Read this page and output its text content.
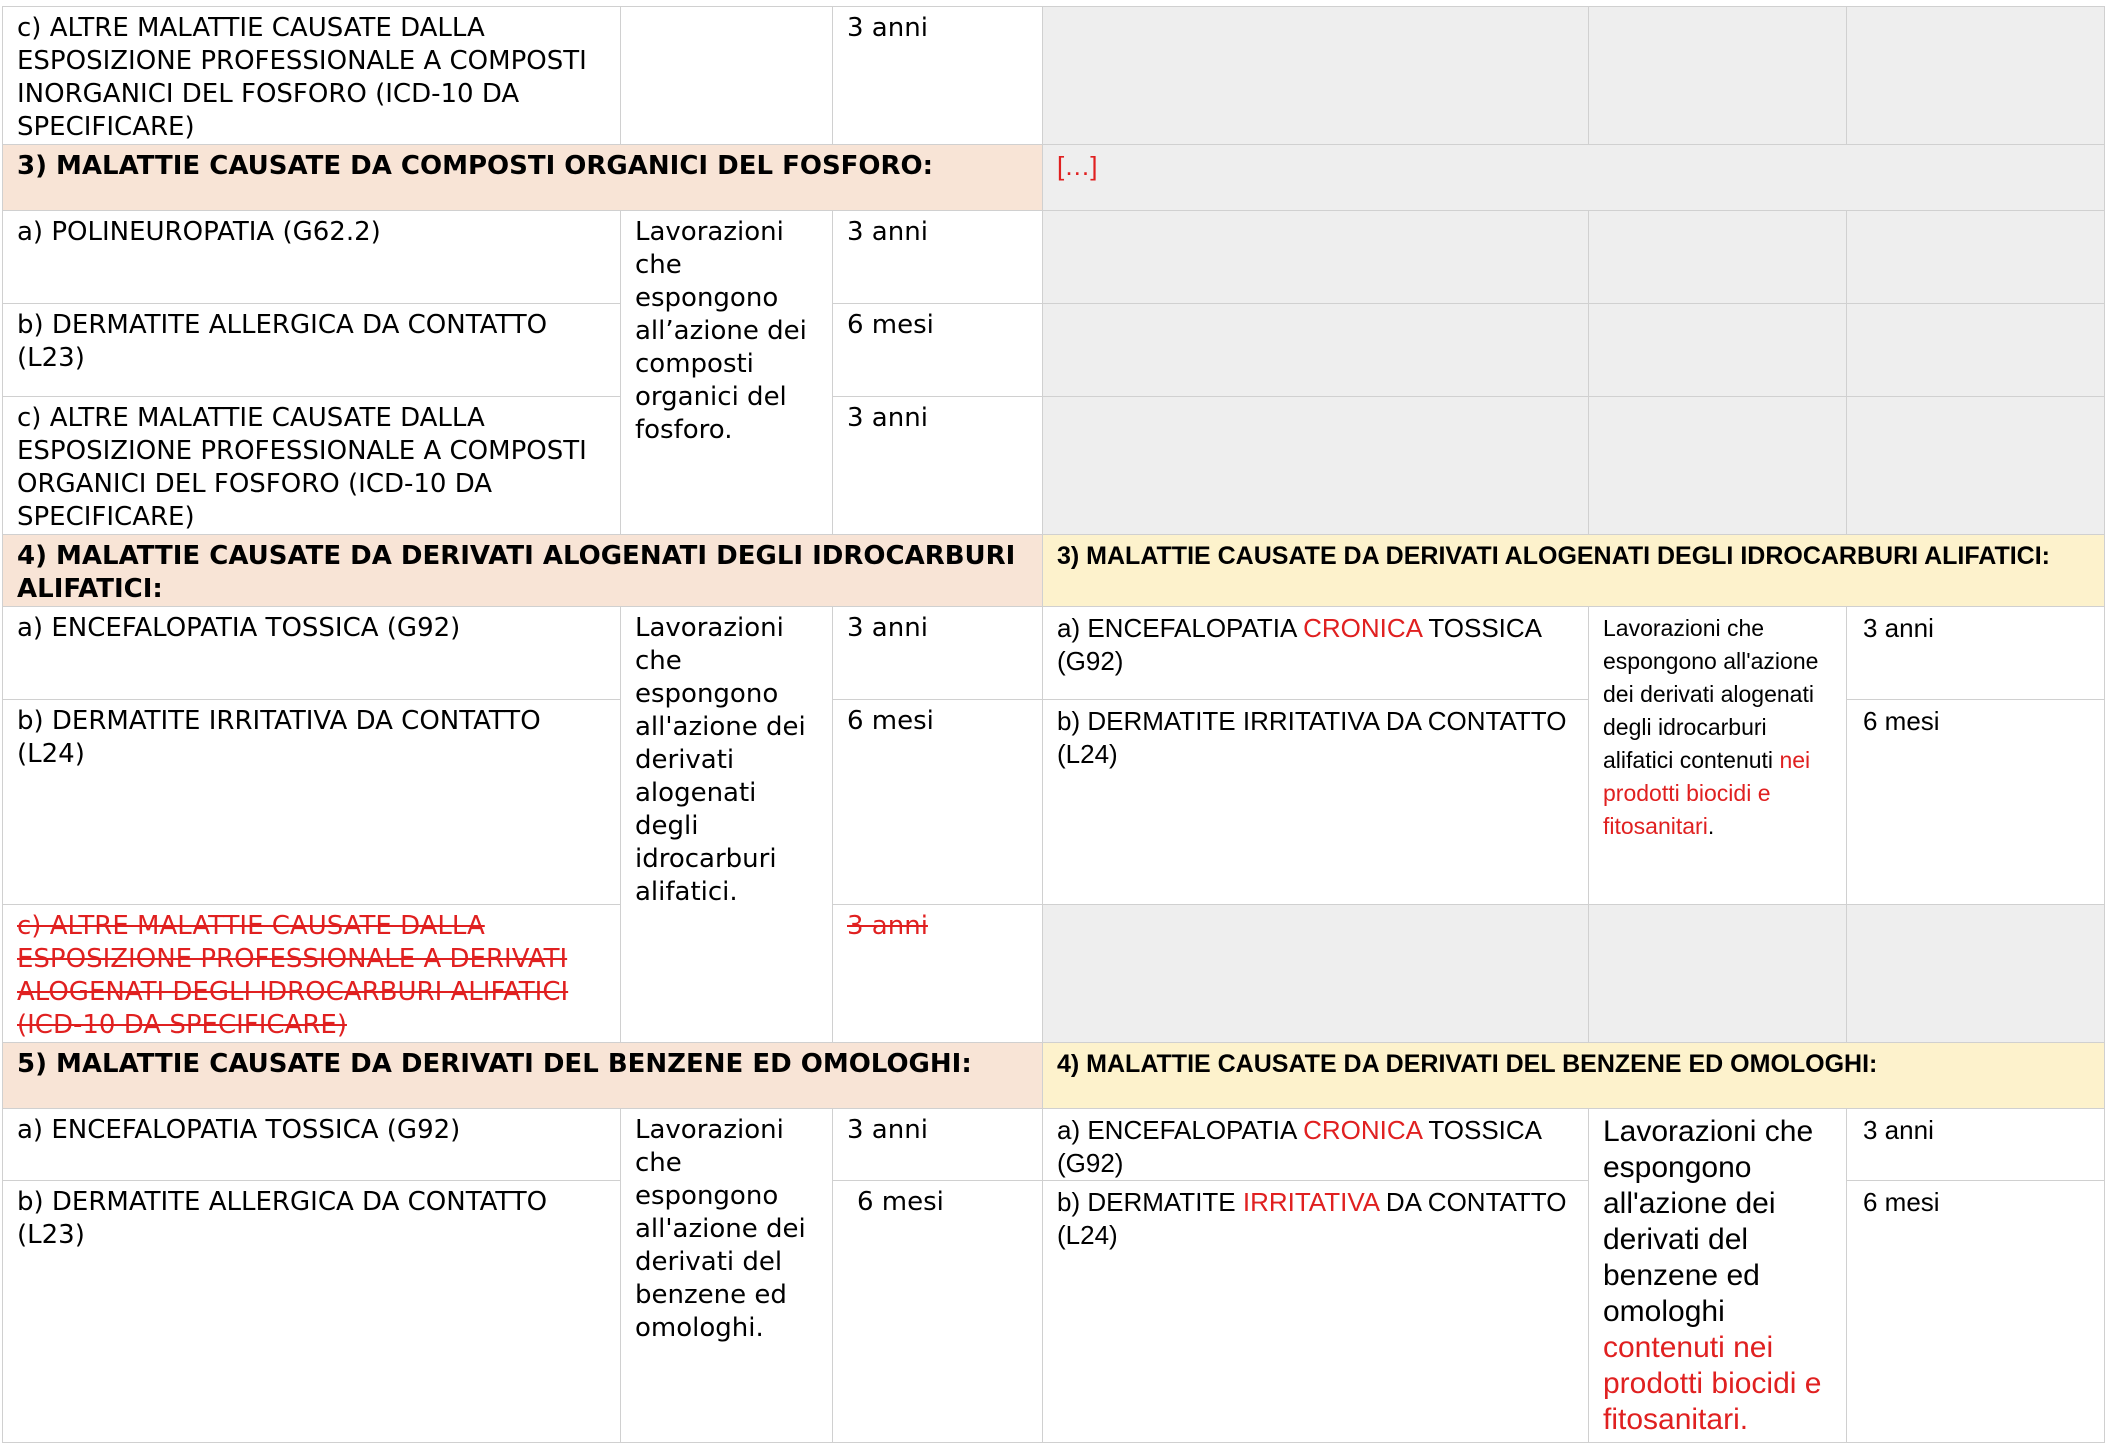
c) ALTRE MALATTIE CAUSATE DALLA ESPOSIZIONE PROFESSIONALE A COMPOSTI INORGANICI DEL FOSFORO (ICD-10 DA SPECIFICARE)		3 anni			
3) MALATTIE CAUSATE DA COMPOSTI ORGANICI DEL FOSFORO:			[…]		
a) POLINEUROPATIA (G62.2)	Lavorazioni che espongono all’azione dei composti organici del fosforo.	3 anni			
b) DERMATITE ALLERGICA DA CONTATTO (L23)		6 mesi			
c) ALTRE MALATTIE CAUSATE DALLA ESPOSIZIONE PROFESSIONALE A COMPOSTI ORGANICI DEL FOSFORO (ICD-10 DA SPECIFICARE)		3 anni			
4) MALATTIE CAUSATE DA DERIVATI ALOGENATI DEGLI IDROCARBURI ALIFATICI:			3) MALATTIE CAUSATE DA DERIVATI ALOGENATI DEGLI IDROCARBURI ALIFATICI:		
a) ENCEFALOPATIA TOSSICA (G92)	Lavorazioni che espongono all'azione dei derivati alogenati degli idrocarburi alifatici.	3 anni	a) ENCEFALOPATIA CRONICA TOSSICA (G92)	Lavorazioni che espongono all'azione dei derivati alogenati degli idrocarburi alifatici contenuti nei prodotti biocidi e fitosanitari.	3 anni
b) DERMATITE IRRITATIVA DA CONTATTO (L24)		6 mesi	b) DERMATITE IRRITATIVA DA CONTATTO (L24)		6 mesi
c) ALTRE MALATTIE CAUSATE DALLA ESPOSIZIONE PROFESSIONALE A DERIVATI ALOGENATI DEGLI IDROCARBURI ALIFATICI (ICD-10 DA SPECIFICARE)		3 anni			
5) MALATTIE CAUSATE DA DERIVATI DEL BENZENE ED OMOLOGHI:			4) MALATTIE CAUSATE DA DERIVATI DEL BENZENE ED OMOLOGHI:		
a) ENCEFALOPATIA TOSSICA (G92)	Lavorazioni che espongono all'azione dei derivati del benzene ed omologhi.	3 anni	a) ENCEFALOPATIA CRONICA TOSSICA (G92)	Lavorazioni che espongono all'azione dei derivati del benzene ed omologhi contenuti nei prodotti biocidi e fitosanitari.	3 anni
b) DERMATITE ALLERGICA DA CONTATTO (L23)		6 mesi	b) DERMATITE IRRITATIVA DA CONTATTO (L24)		6 mesi
